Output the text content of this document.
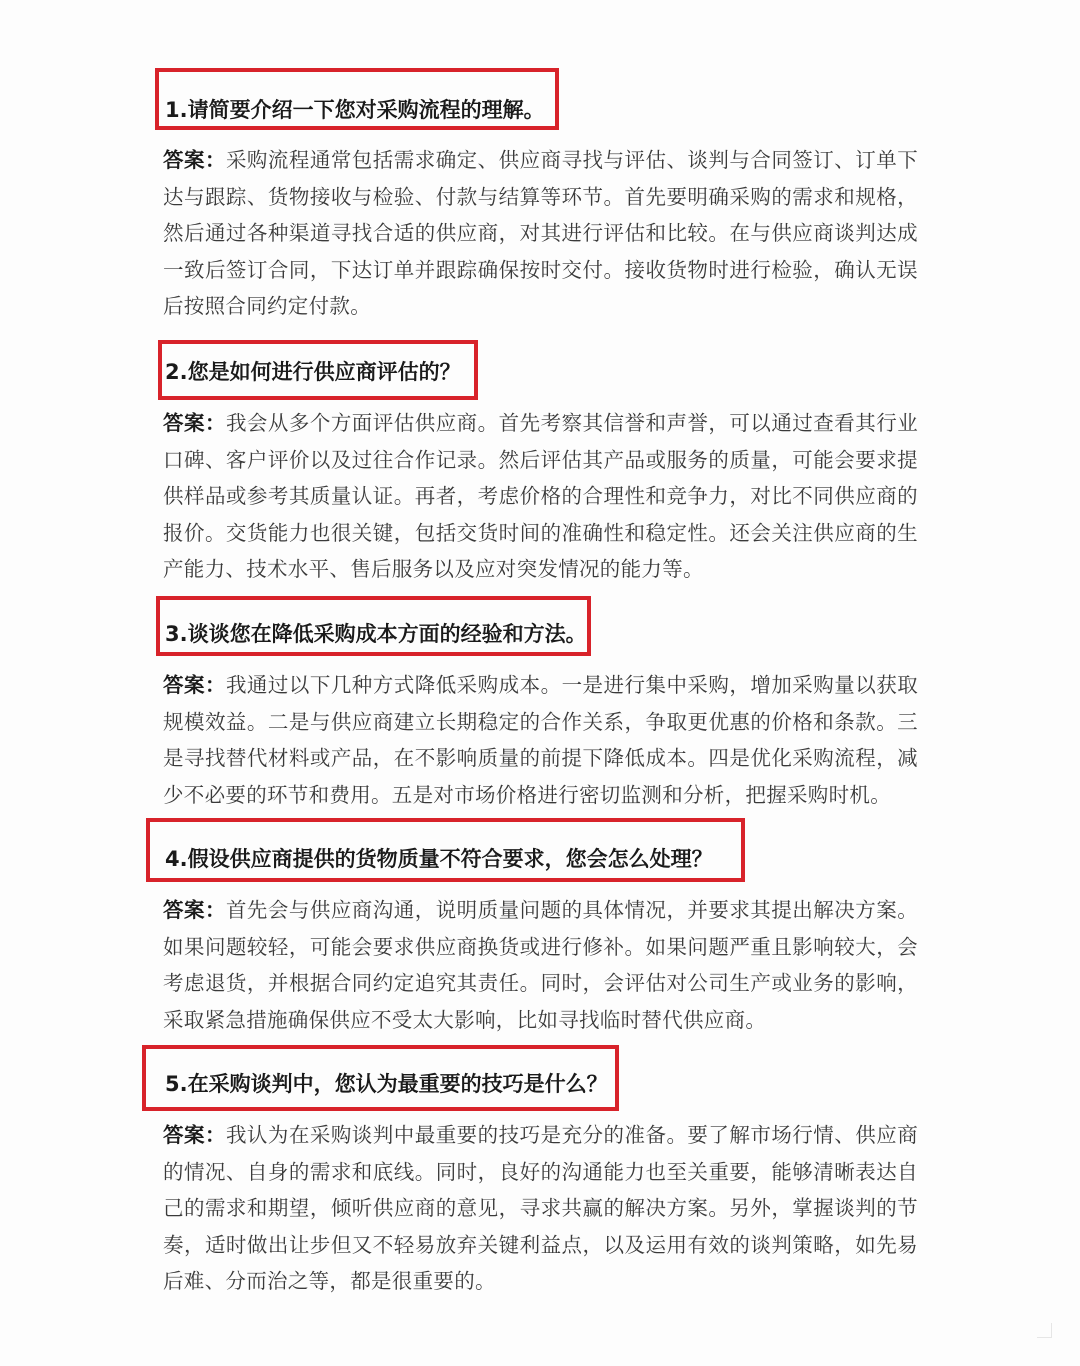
1.请简要介绍一下您对采购流程的理解。
答案：采购流程通常包括需求确定、供应商寻找与评估、谈判与合同签订、订单下达与跟踪、货物接收与检验、付款与结算等环节。首先要明确采购的需求和规格，然后通过各种渠道寻找合适的供应商，对其进行评估和比较。在与供应商谈判达成一致后签订合同，下达订单并跟踪确保按时交付。接收货物时进行检验，确认无误后按照合同约定付款。
2.您是如何进行供应商评估的？
答案：我会从多个方面评估供应商。首先考察其信誉和声誉，可以通过查看其行业口碑、客户评价以及过往合作记录。然后评估其产品或服务的质量，可能会要求提供样品或参考其质量认证。再者，考虑价格的合理性和竞争力，对比不同供应商的报价。交货能力也很关键，包括交货时间的准确性和稳定性。还会关注供应商的生产能力、技术水平、售后服务以及应对突发情况的能力等。
3.谈谈您在降低采购成本方面的经验和方法。
答案：我通过以下几种方式降低采购成本。一是进行集中采购，增加采购量以获取规模效益。二是与供应商建立长期稳定的合作关系，争取更优惠的价格和条款。三是寻找替代材料或产品，在不影响质量的前提下降低成本。四是优化采购流程，减少不必要的环节和费用。五是对市场价格进行密切监测和分析，把握采购时机。
4.假设供应商提供的货物质量不符合要求，您会怎么处理？
答案：首先会与供应商沟通，说明质量问题的具体情况，并要求其提出解决方案。如果问题较轻，可能会要求供应商换货或进行修补。如果问题严重且影响较大，会考虑退货，并根据合同约定追究其责任。同时，会评估对公司生产或业务的影响，采取紧急措施确保供应不受太大影响，比如寻找临时替代供应商。
5.在采购谈判中，您认为最重要的技巧是什么？
答案：我认为在采购谈判中最重要的技巧是充分的准备。要了解市场行情、供应商的情况、自身的需求和底线。同时，良好的沟通能力也至关重要，能够清晰表达自己的需求和期望，倾听供应商的意见，寻求共赢的解决方案。另外，掌握谈判的节奏，适时做出让步但又不轻易放弃关键利益点，以及运用有效的谈判策略，如先易后难、分而治之等，都是很重要的。
